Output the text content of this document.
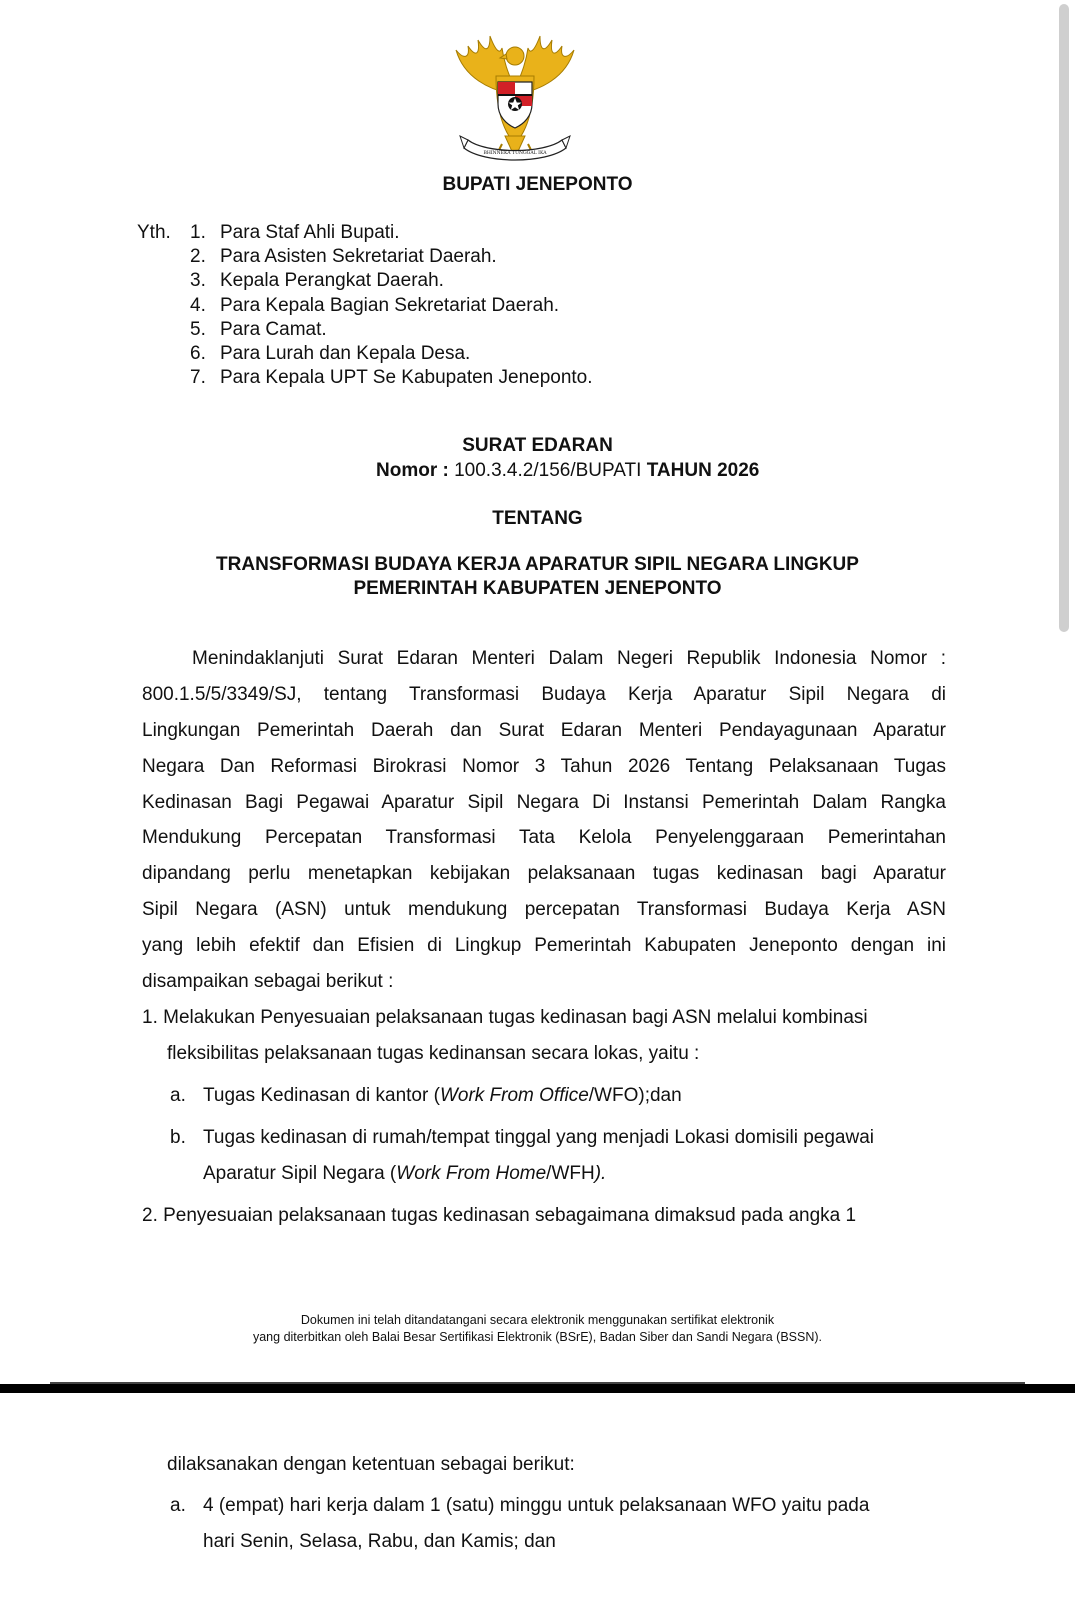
BHINNEKA TUNGGAL IKA
BUPATI JENEPONTO
Yth. 1. Para Staf Ahli Bupati.
2. Para Asisten Sekretariat Daerah.
3. Kepala Perangkat Daerah.
4. Para Kepala Bagian Sekretariat Daerah.
5. Para Camat.
6. Para Lurah dan Kepala Desa.
7. Para Kepala UPT Se Kabupaten Jeneponto.
SURAT EDARAN
Nomor : 100.3.4.2/156/BUPATI TAHUN 2026
TENTANG
TRANSFORMASI BUDAYA KERJA APARATUR SIPIL NEGARA LINGKUP
PEMERINTAH KABUPATEN JENEPONTO
Menindaklanjuti Surat Edaran Menteri Dalam Negeri Republik Indonesia Nomor :
800.1.5/5/3349/SJ, tentang Transformasi Budaya Kerja Aparatur Sipil Negara di
Lingkungan Pemerintah Daerah dan Surat Edaran Menteri Pendayagunaan Aparatur
Negara Dan Reformasi Birokrasi Nomor 3 Tahun 2026 Tentang Pelaksanaan Tugas
Kedinasan Bagi Pegawai Aparatur Sipil Negara Di Instansi Pemerintah Dalam Rangka
Mendukung Percepatan Transformasi Tata Kelola Penyelenggaraan Pemerintahan
dipandang perlu menetapkan kebijakan pelaksanaan tugas kedinasan bagi Aparatur
Sipil Negara (ASN) untuk mendukung percepatan Transformasi Budaya Kerja ASN
yang lebih efektif dan Efisien di Lingkup Pemerintah Kabupaten Jeneponto dengan ini
disampaikan sebagai berikut :
1. Melakukan Penyesuaian pelaksanaan tugas kedinasan bagi ASN melalui kombinasi
fleksibilitas pelaksanaan tugas kedinansan secara lokas, yaitu :
a. Tugas Kedinasan di kantor (Work From Office/WFO);dan
b. Tugas kedinasan di rumah/tempat tinggal yang menjadi Lokasi domisili pegawai
Aparatur Sipil Negara (Work From Home/WFH).
2. Penyesuaian pelaksanaan tugas kedinasan sebagaimana dimaksud pada angka 1
Dokumen ini telah ditandatangani secara elektronik menggunakan sertifikat elektronik
yang diterbitkan oleh Balai Besar Sertifikasi Elektronik (BSrE), Badan Siber dan Sandi Negara (BSSN).
dilaksanakan dengan ketentuan sebagai berikut:
a. 4 (empat) hari kerja dalam 1 (satu) minggu untuk pelaksanaan WFO yaitu pada
hari Senin, Selasa, Rabu, dan Kamis; dan
